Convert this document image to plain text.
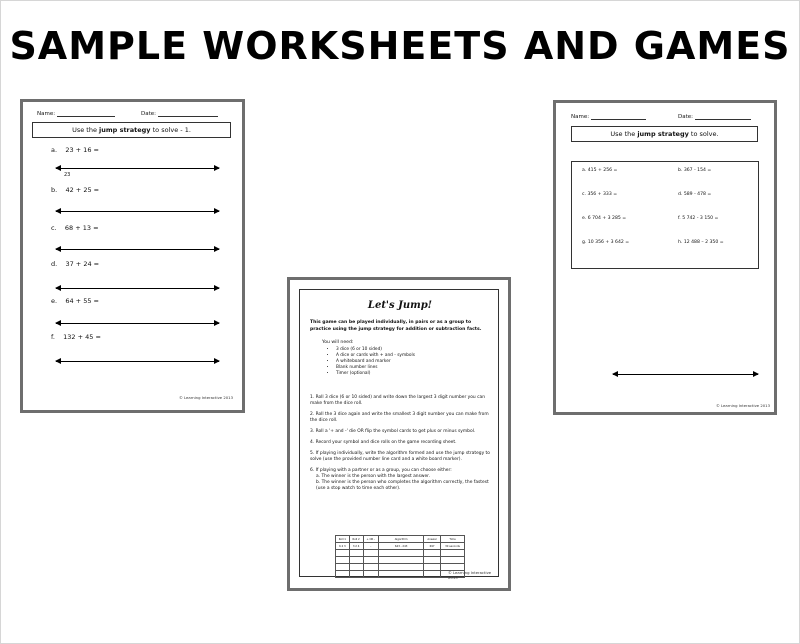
SAMPLE WORKSHEETS AND GAMES
Name:	Date:
Use the jump strategy to solve - 1.
a. 23 + 16 =
23
b. 42 + 25 =
c. 68 + 13 =
d. 37 + 24 =
e. 64 + 55 =
f. 132 + 45 =
© Learning Interactive 2013
Let's Jump!
This game can be played individually, in pairs or as a group to practice using the jump strategy for addition or subtraction facts.
You will need:
• 3 dice (6 or 10 sided)
• A dice or cards with + and - symbols
• A whiteboard and marker
• Blank number lines
• Timer (optional)
1. Roll 3 dice (6 or 10 sided) and write down the largest 3 digit number you can make from the dice roll.
2. Roll the 3 dice again and write the smallest 3 digit number you can make from the dice roll.
3. Roll a '+ and -' die OR flip the symbol cards to get plus or minus symbol.
4. Record your symbol and dice rolls on the game recording sheet.
5. If playing individually, write the algorithm formed and use the jump strategy to solve (use the provided number line card and a white board marker).
6. If playing with a partner or as a group, you can choose either:
a. The winner is the person with the largest answer.
b. The winner is the person who completes the algorithm correctly, the fastest (use a stop watch to time each other).
Roll 1	Roll 2	+ OR -	Algorithm	Answer	Time
6 4 3	3 2 4	-	643 - 243	697	30 seconds

© Learning Interactive 2013
Name:	Date:
Use the jump strategy to solve.
a. 415 + 256 =	b. 367 - 154 =
c. 356 + 333 =	d. 589 - 478 =
e. 6 704 + 3 285 =	f. 5 742 - 3 150 =
g. 10 356 + 3 642 =	h. 12 488 – 2 350 =
© Learning Interactive 2013
